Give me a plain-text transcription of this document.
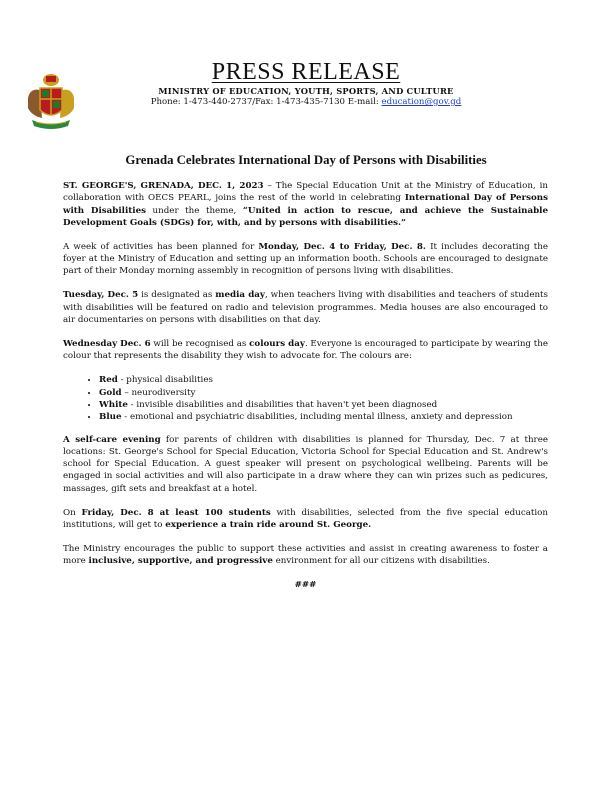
PRESS RELEASE
MINISTRY OF EDUCATION, YOUTH, SPORTS, AND CULTURE
Phone: 1-473-440-2737/Fax: 1-473-435-7130 E-mail: education@gov.gd
Grenada Celebrates International Day of Persons with Disabilities

ST. GEORGE'S, GRENADA, DEC. 1, 2023 – The Special Education Unit at the Ministry of Education, in collaboration with OECS PEARL, joins the rest of the world in celebrating International Day of Persons with Disabilities under the theme, “United in action to rescue, and achieve the Sustainable Development Goals (SDGs) for, with, and by persons with disabilities.”

A week of activities has been planned for Monday, Dec. 4 to Friday, Dec. 8. It includes decorating the foyer at the Ministry of Education and setting up an information booth. Schools are encouraged to designate part of their Monday morning assembly in recognition of persons living with disabilities.

Tuesday, Dec. 5 is designated as media day, when teachers living with disabilities and teachers of students with disabilities will be featured on radio and television programmes. Media houses are also encouraged to air documentaries on persons with disabilities on that day.

Wednesday Dec. 6 will be recognised as colours day. Everyone is encouraged to participate by wearing the colour that represents the disability they wish to advocate for. The colours are:

• Red - physical disabilities
• Gold – neurodiversity
• White - invisible disabilities and disabilities that haven't yet been diagnosed
• Blue - emotional and psychiatric disabilities, including mental illness, anxiety and depression

A self-care evening for parents of children with disabilities is planned for Thursday, Dec. 7 at three locations: St. George's School for Special Education, Victoria School for Special Education and St. Andrew's school for Special Education. A guest speaker will present on psychological wellbeing. Parents will be engaged in social activities and will also participate in a draw where they can win prizes such as pedicures, massages, gift sets and breakfast at a hotel.

On Friday, Dec. 8 at least 100 students with disabilities, selected from the five special education institutions, will get to experience a train ride around St. George.

The Ministry encourages the public to support these activities and assist in creating awareness to foster a more inclusive, supportive, and progressive environment for all our citizens with disabilities.

###
